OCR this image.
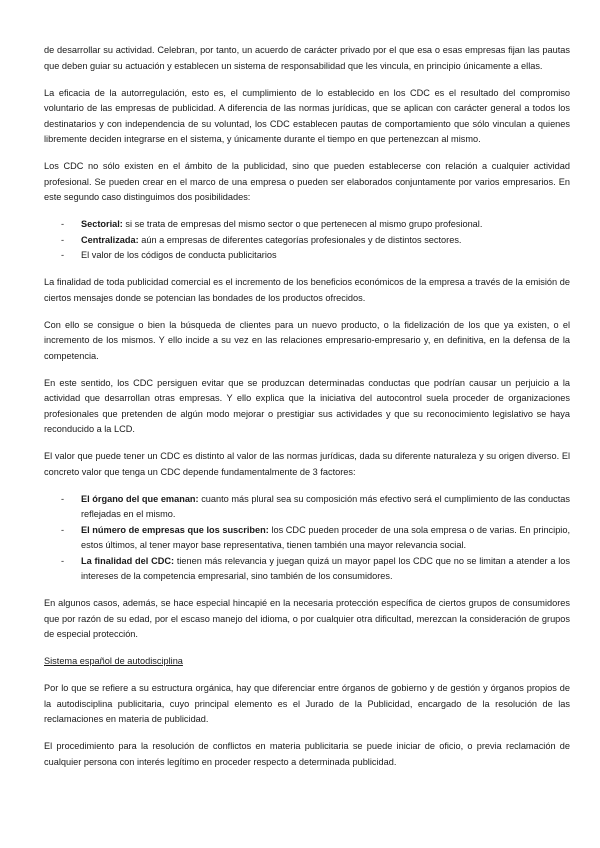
de desarrollar su actividad. Celebran, por tanto, un acuerdo de carácter privado por el que esa o esas empresas fijan las pautas que deben guiar su actuación y establecen un sistema de responsabilidad que les vincula, en principio únicamente a ellas.

La eficacia de la autorregulación, esto es, el cumplimiento de lo establecido en los CDC es el resultado del compromiso voluntario de las empresas de publicidad. A diferencia de las normas jurídicas, que se aplican con carácter general a todos los destinatarios y con independencia de su voluntad, los CDC establecen pautas de comportamiento que sólo vinculan a quienes libremente deciden integrarse en el sistema, y únicamente durante el tiempo en que pertenezcan al mismo.

Los CDC no sólo existen en el ámbito de la publicidad, sino que pueden establecerse con relación a cualquier actividad profesional. Se pueden crear en el marco de una empresa o pueden ser elaborados conjuntamente por varios empresarios. En este segundo caso distinguimos dos posibilidades:

- Sectorial: si se trata de empresas del mismo sector o que pertenecen al mismo grupo profesional.
- Centralizada: aún a empresas de diferentes categorías profesionales y de distintos sectores.
- El valor de los códigos de conducta publicitarios

La finalidad de toda publicidad comercial es el incremento de los beneficios económicos de la empresa a través de la emisión de ciertos mensajes donde se potencian las bondades de los productos ofrecidos.

Con ello se consigue o bien la búsqueda de clientes para un nuevo producto, o la fidelización de los que ya existen, o el incremento de los mismos. Y ello incide a su vez en las relaciones empresario-empresario y, en definitiva, en la defensa de la competencia.

En este sentido, los CDC persiguen evitar que se produzcan determinadas conductas que podrían causar un perjuicio a la actividad que desarrollan otras empresas. Y ello explica que la iniciativa del autocontrol suela proceder de organizaciones profesionales que pretenden de algún modo mejorar o prestigiar sus actividades y que su reconocimiento legislativo se haya reconducido a la LCD.

El valor que puede tener un CDC es distinto al valor de las normas jurídicas, dada su diferente naturaleza y su origen diverso. El concreto valor que tenga un CDC depende fundamentalmente de 3 factores:

- El órgano del que emanan: cuanto más plural sea su composición más efectivo será el cumplimiento de las conductas reflejadas en el mismo.
- El número de empresas que los suscriben: los CDC pueden proceder de una sola empresa o de varias. En principio, estos últimos, al tener mayor base representativa, tienen también una mayor relevancia social.
- La finalidad del CDC: tienen más relevancia y juegan quizá un mayor papel los CDC que no se limitan a atender a los intereses de la competencia empresarial, sino también de los consumidores.

En algunos casos, además, se hace especial hincapié en la necesaria protección específica de ciertos grupos de consumidores que por razón de su edad, por el escaso manejo del idioma, o por cualquier otra dificultad, merezcan la consideración de grupos de especial protección.

Sistema español de autodisciplina

Por lo que se refiere a su estructura orgánica, hay que diferenciar entre órganos de gobierno y de gestión y órganos propios de la autodisciplina publicitaria, cuyo principal elemento es el Jurado de la Publicidad, encargado de la resolución de las reclamaciones en materia de publicidad.

El procedimiento para la resolución de conflictos en materia publicitaria se puede iniciar de oficio, o previa reclamación de cualquier persona con interés legítimo en proceder respecto a determinada publicidad.
